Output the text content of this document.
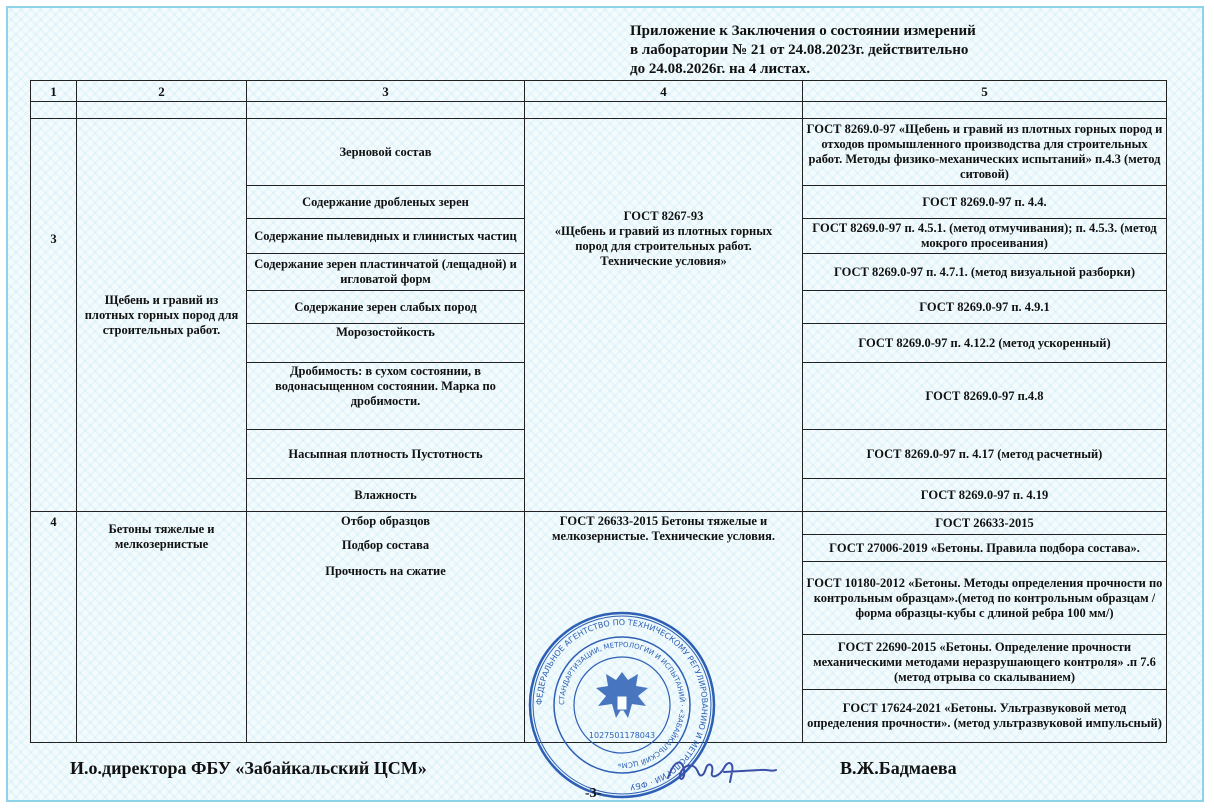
Приложение к Заключения о состоянии измерений
в лаборатории № 21 от 24.08.2023г. действительно
до 24.08.2026г. на 4 листах.
1	2	3	4	5

3	Щебень и гравий из плотных горных пород для строительных работ.	Зерновой состав	ГОСТ 8267-93
«Щебень и гравий из плотных горных
пород для строительных работ.
Технические условия»	ГОСТ 8269.0-97 «Щебень и гравий из плотных горных пород и отходов промышленного производства для строительных работ. Методы физико-механических испытаний» п.4.3 (метод ситовой)
		Содержание дробленых зерен		ГОСТ 8269.0-97 п. 4.4.
		Содержание пылевидных и глинистых частиц		ГОСТ 8269.0-97 п. 4.5.1. (метод отмучивания); п. 4.5.3. (метод мокрого просеивания)
		Содержание зерен пластинчатой (лещадной) и игловатой форм		ГОСТ 8269.0-97 п. 4.7.1. (метод визуальной разборки)
		Содержание зерен слабых пород		ГОСТ 8269.0-97 п. 4.9.1
		Морозостойкость		ГОСТ 8269.0-97 п. 4.12.2 (метод ускоренный)
		Дробимость: в сухом состоянии, в водонасыщенном состоянии. Марка по дробимости.		ГОСТ 8269.0-97 п.4.8
		Насыпная плотность Пустотность		ГОСТ 8269.0-97 п. 4.17 (метод расчетный)
		Влажность		ГОСТ 8269.0-97 п. 4.19

4	Бетоны тяжелые и мелкозернистые	Отбор образцов
Подбор состава
Прочность на сжатие	ГОСТ 26633-2015 Бетоны тяжелые и мелкозернистые. Технические условия.	ГОСТ 26633-2015
				ГОСТ 27006-2019 «Бетоны. Правила подбора состава».
				ГОСТ 10180-2012 «Бетоны. Методы определения прочности по контрольным образцам».(метод по контрольным образцам /форма образцы-кубы с длиной ребра 100 мм/)
				ГОСТ 22690-2015 «Бетоны. Определение прочности механическими методами неразрушающего контроля» .п 7.6 (метод отрыва со скалыванием)
				ГОСТ 17624-2021 «Бетоны. Ультразвуковой метод определения прочности». (метод ультразвуковой импульсный)
ФЕДЕРАЛЬНОЕ АГЕНТСТВО ПО ТЕХНИЧЕСКОМУ РЕГУЛИРОВАНИЮ И МЕТРОЛОГИИ · ФБУ
СТАНДАРТИЗАЦИИ, МЕТРОЛОГИИ И ИСПЫТАНИЙ · «ЗАБАЙКАЛЬСКИЙ ЦСМ»
1027501178043
И.о.директора ФБУ «Забайкальский ЦСМ»	В.Ж.Бадмаева
-3-
